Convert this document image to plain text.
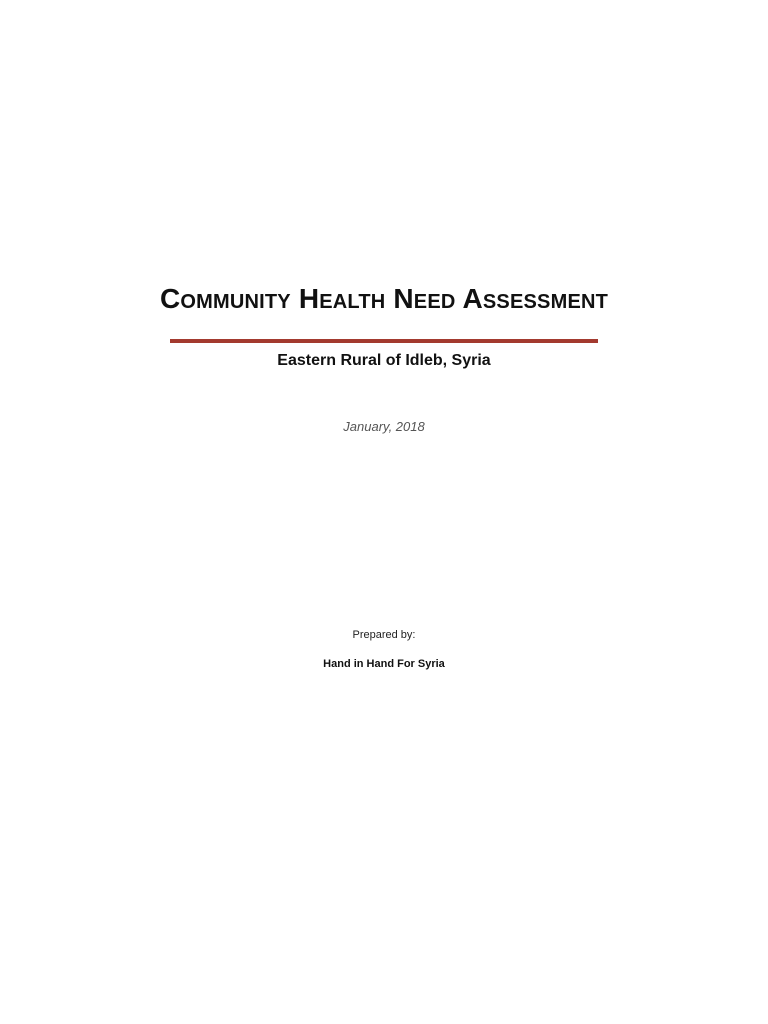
Community Health Need Assessment
Eastern Rural of Idleb, Syria
January, 2018
Prepared by:
Hand in Hand For Syria
